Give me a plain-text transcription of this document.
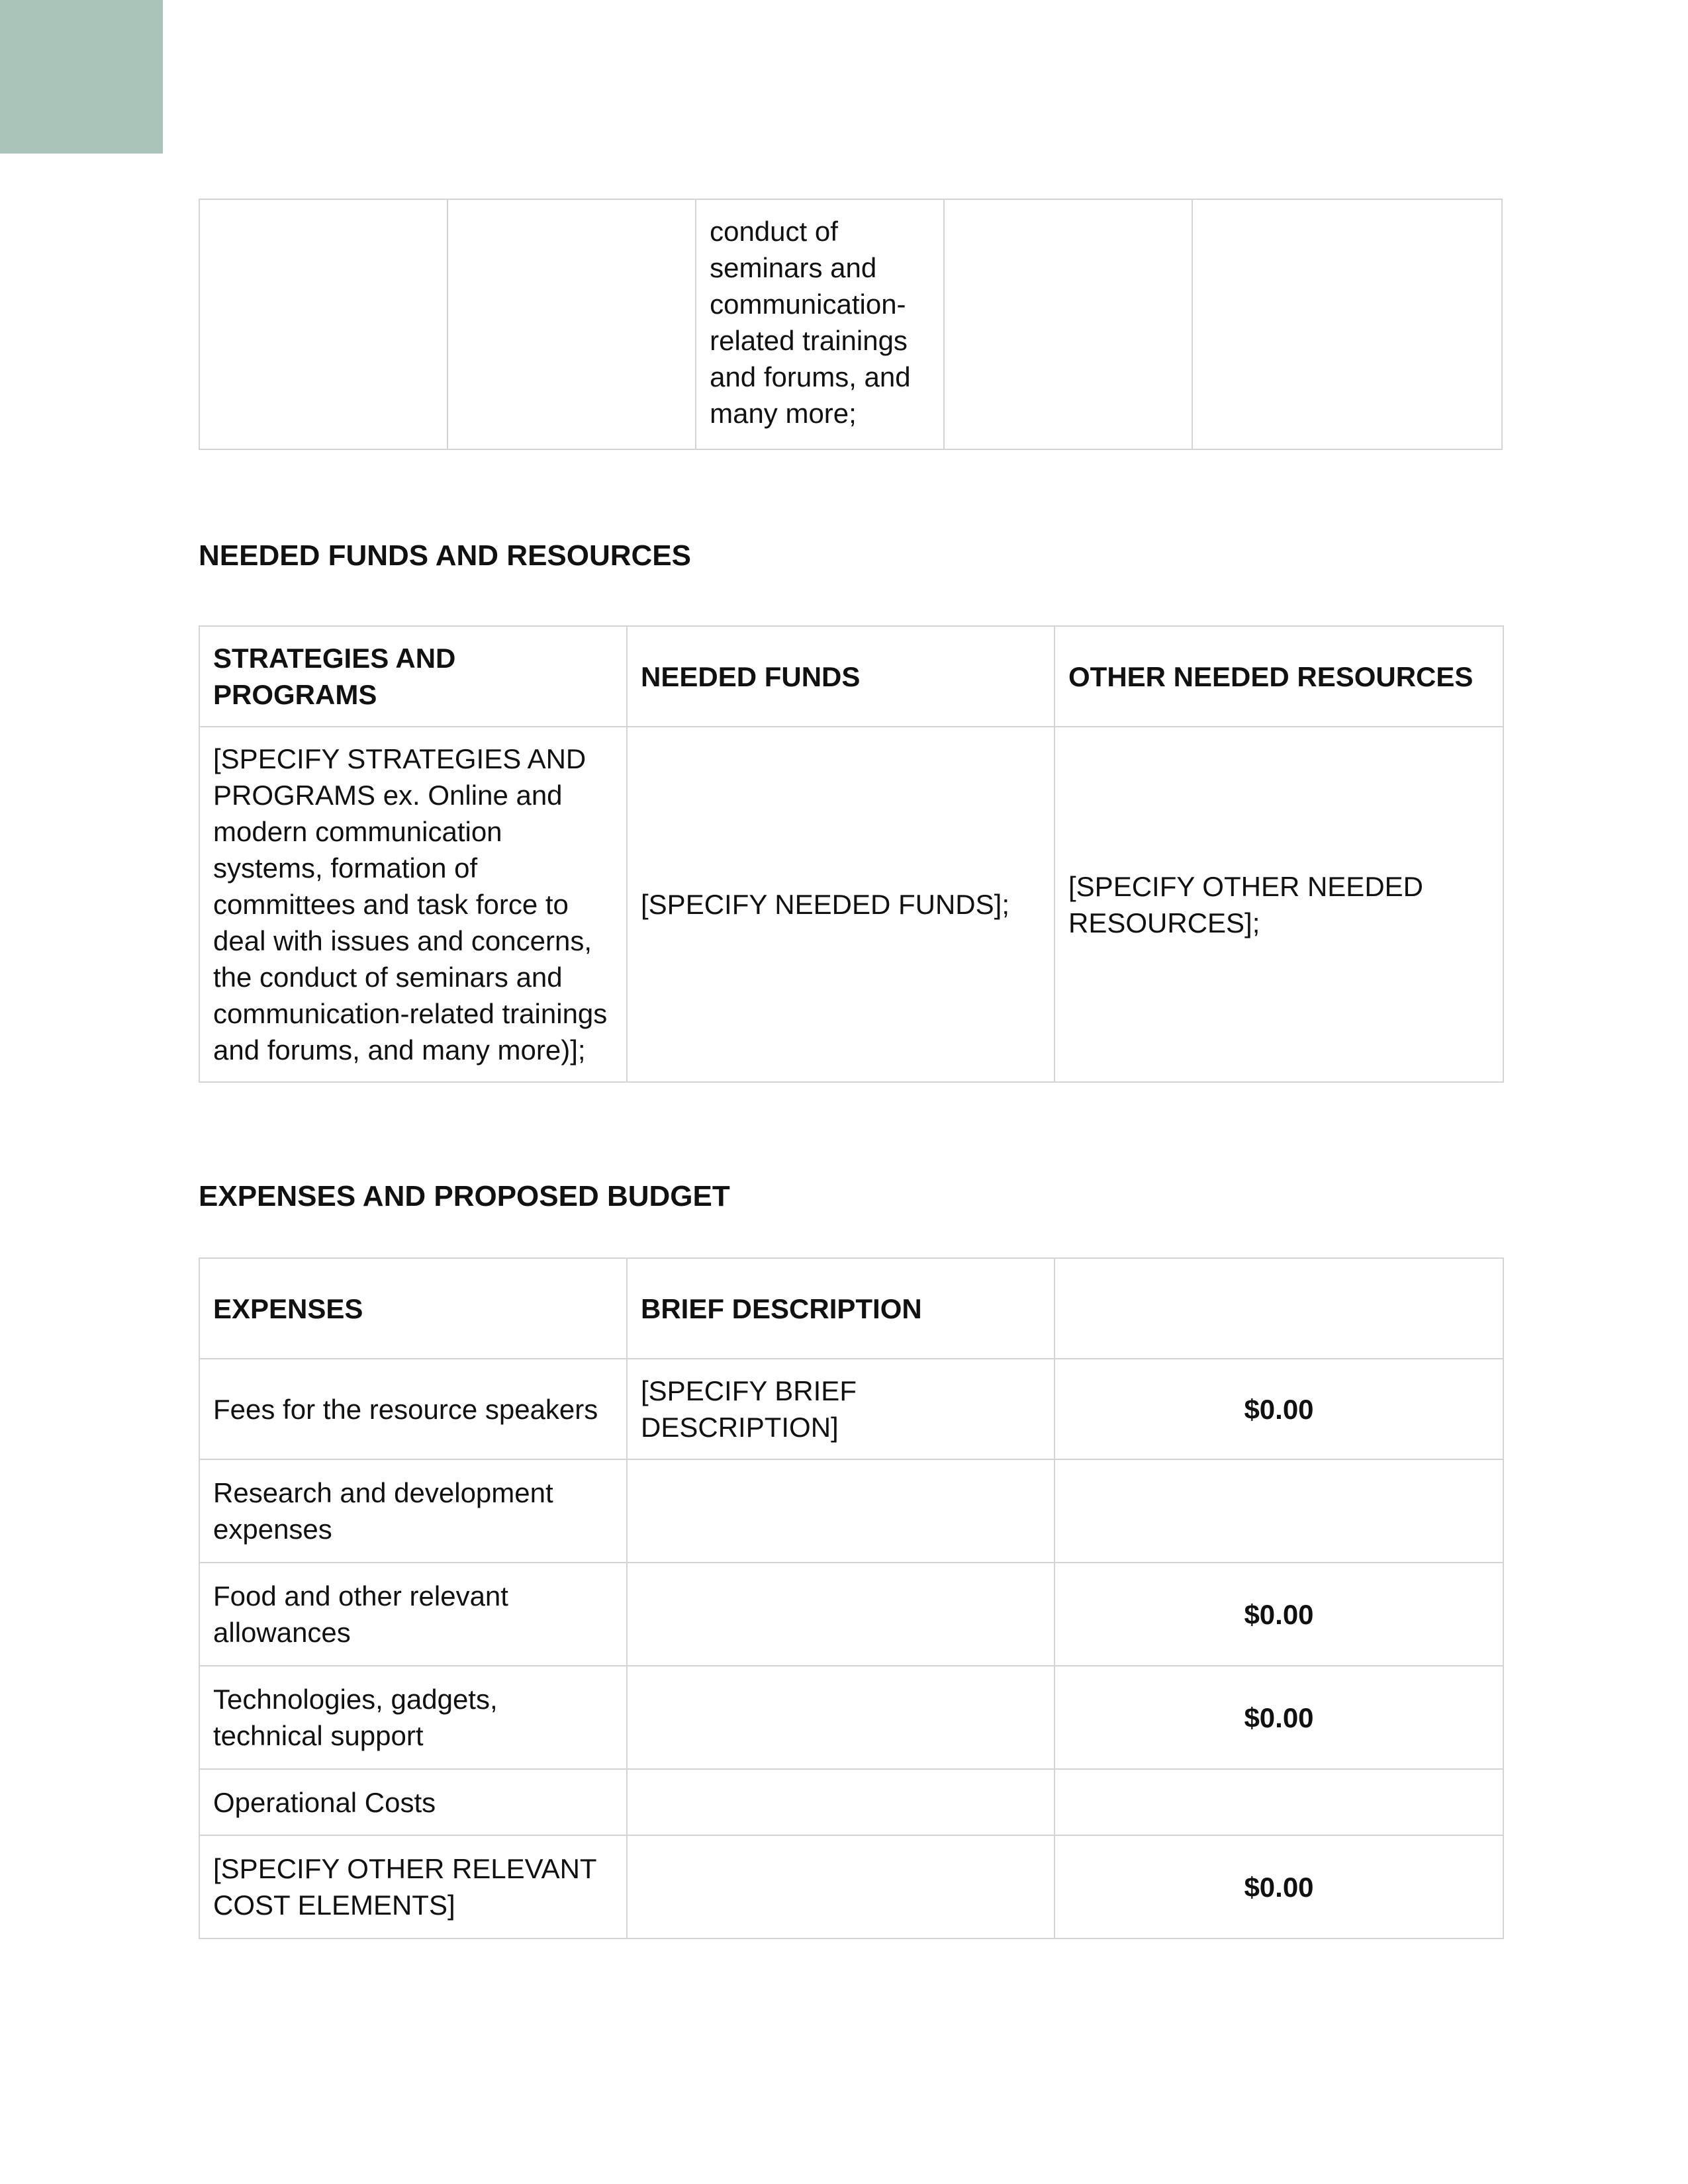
		conduct of seminars and communication-related trainings and forums, and many more;		
NEEDED FUNDS AND RESOURCES
STRATEGIES AND PROGRAMS	NEEDED FUNDS	OTHER NEEDED RESOURCES
[SPECIFY STRATEGIES AND PROGRAMS ex. Online and modern communication systems, formation of committees and task force to deal with issues and concerns, the conduct of seminars and communication-related trainings and forums, and many more)];	[SPECIFY NEEDED FUNDS];	[SPECIFY OTHER NEEDED RESOURCES];
EXPENSES AND PROPOSED BUDGET
EXPENSES	BRIEF DESCRIPTION	
Fees for the resource speakers	[SPECIFY BRIEF DESCRIPTION]	$0.00
Research and development expenses		
Food and other relevant allowances		$0.00
Technologies, gadgets, technical support		$0.00
Operational Costs		
[SPECIFY OTHER RELEVANT COST ELEMENTS]		$0.00
